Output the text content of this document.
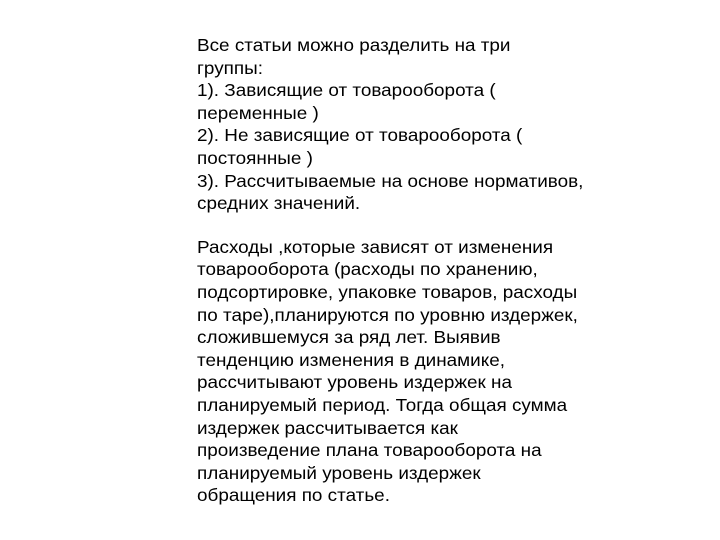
Все статьи можно разделить на три
группы:
1). Зависящие от товарооборота (
переменные )
2). Не зависящие от товарооборота (
постоянные )
3). Рассчитываемые на основе нормативов,
средних значений.
Расходы ,которые зависят от изменения
товарооборота (расходы по хранению,
подсортировке, упаковке товаров, расходы
по таре),планируются по уровню издержек,
сложившемуся за ряд лет. Выявив
тенденцию изменения в динамике,
рассчитывают уровень издержек на
планируемый период. Тогда общая сумма
издержек рассчитывается как
произведение плана товарооборота на
планируемый уровень издержек
обращения по статье.
